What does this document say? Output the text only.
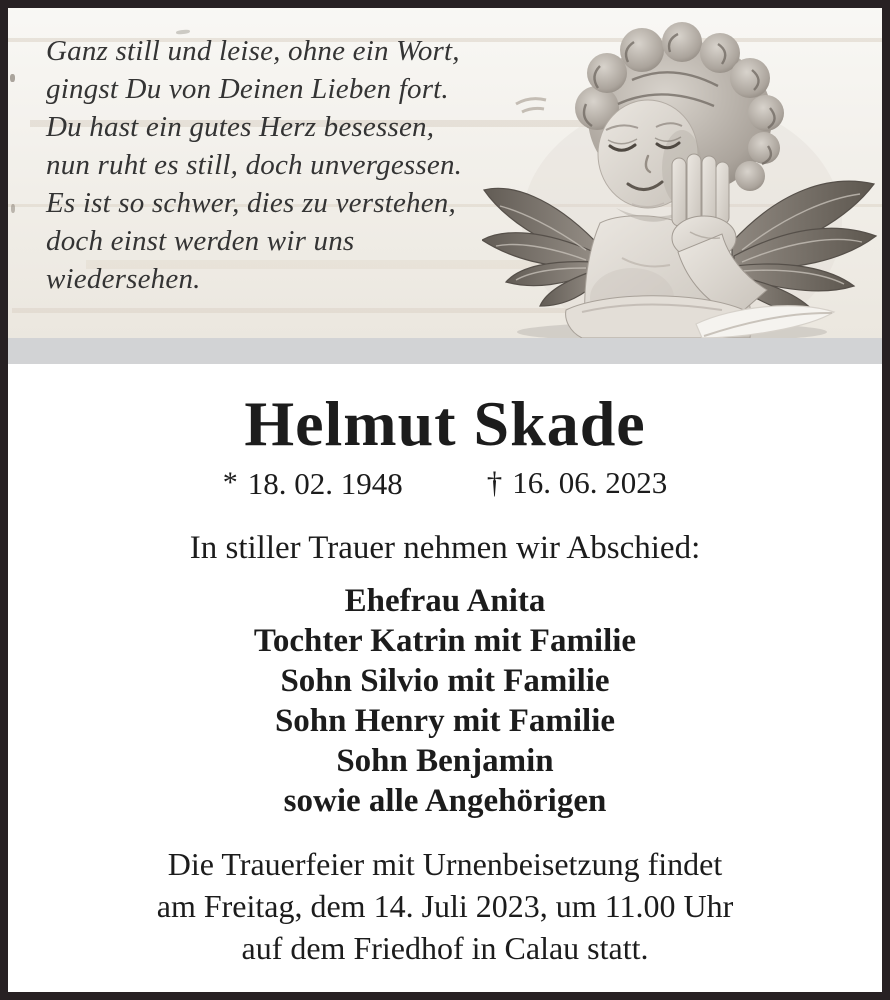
Ganz still und leise, ohne ein Wort,
gingst Du von Deinen Lieben fort.
Du hast ein gutes Herz besessen,
nun ruht es still, doch unvergessen.
Es ist so schwer, dies zu verstehen,
doch einst werden wir uns
wiedersehen.
Helmut Skade
* 18. 02. 1948	† 16. 06. 2023

In stiller Trauer nehmen wir Abschied:

Ehefrau Anita
Tochter Katrin mit Familie
Sohn Silvio mit Familie
Sohn Henry mit Familie
Sohn Benjamin
sowie alle Angehörigen
Die Trauerfeier mit Urnenbeisetzung findet
am Freitag, dem 14. Juli 2023, um 11.00 Uhr
auf dem Friedhof in Calau statt.
